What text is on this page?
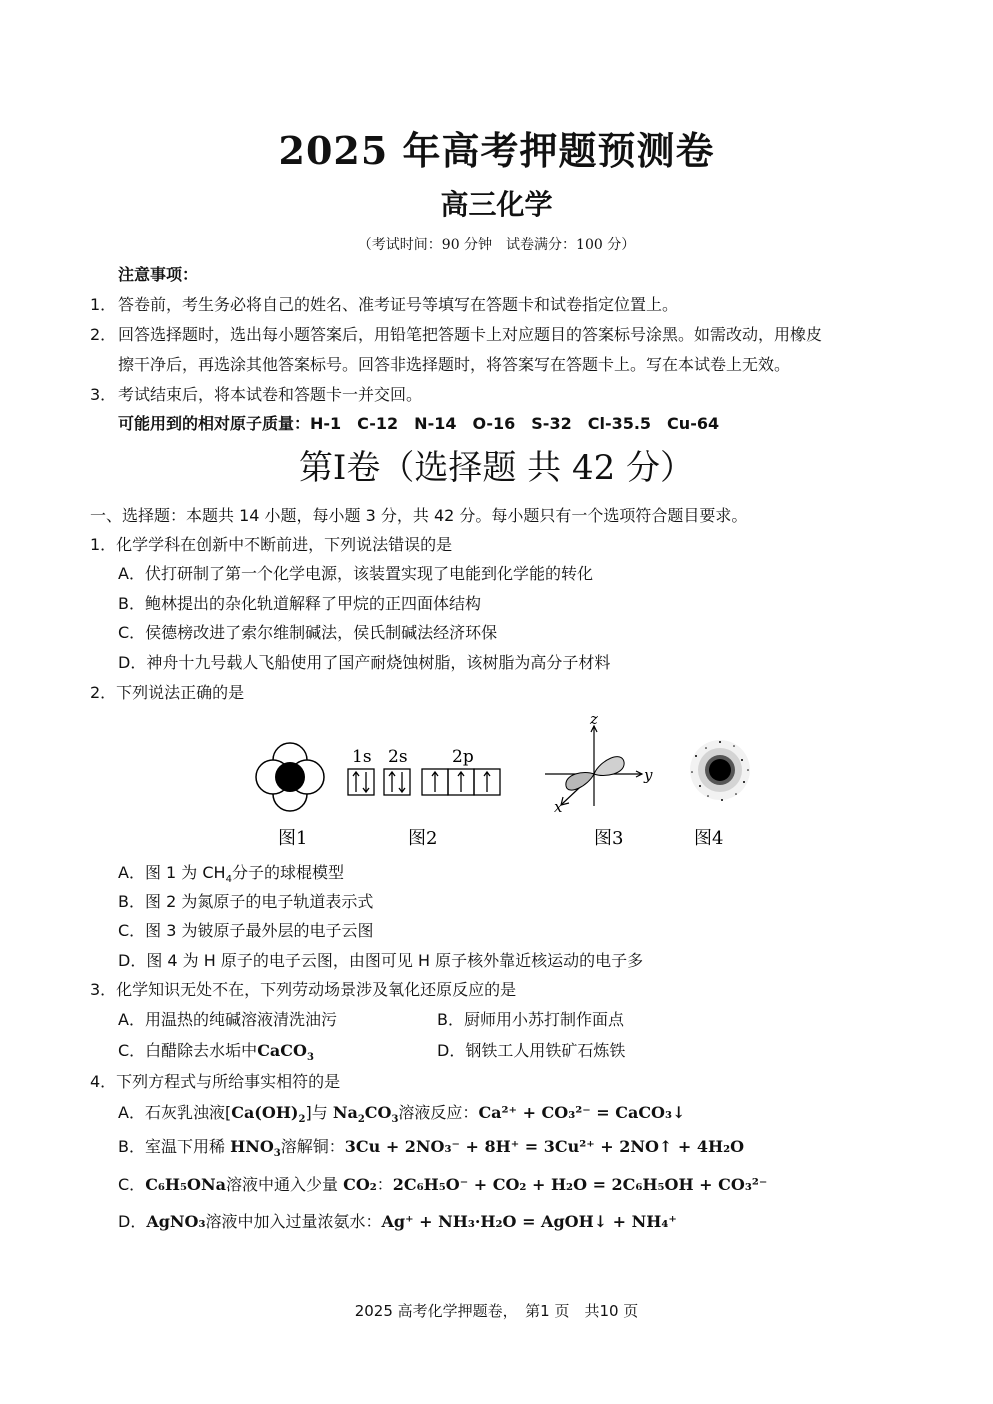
2025 年高考押题预测卷
高三化学
（考试时间：90 分钟　试卷满分：100 分）
注意事项：
1． 答卷前，考生务必将自己的姓名、准考证号等填写在答题卡和试卷指定位置上。
2． 回答选择题时，选出每小题答案后，用铅笔把答题卡上对应题目的答案标号涂黑。如需改动，用橡皮
擦干净后，再选涂其他答案标号。回答非选择题时，将答案写在答题卡上。写在本试卷上无效。
3． 考试结束后，将本试卷和答题卡一并交回。
可能用到的相对原子质量：H-1　C-12　N-14　O-16　S-32　Cl-35.5　Cu-64
第I卷（选择题 共 42 分）
一、选择题：本题共 14 小题，每小题 3 分，共 42 分。每小题只有一个选项符合题目要求。
1．化学学科在创新中不断前进，下列说法错误的是
A．伏打研制了第一个化学电源，该装置实现了电能到化学能的转化
B．鲍林提出的杂化轨道解释了甲烷的正四面体结构
C．侯德榜改进了索尔维制碱法，侯氏制碱法经济环保
D．神舟十九号载人飞船使用了国产耐烧蚀树脂，该树脂为高分子材料
2．下列说法正确的是
1s 2s	2p
z
y
x
图1	图2	图3	图4
A．图 1 为 $CH_4$分子的球棍模型
B．图 2 为氮原子的电子轨道表示式
C．图 3 为铍原子最外层的电子云图
D．图 4 为 H 原子的电子云图，由图可见 H 原子核外靠近核运动的电子多
3．化学知识无处不在，下列劳动场景涉及氧化还原反应的是
A．用温热的纯碱溶液清洗油污	B．厨师用小苏打制作面点
C．白醋除去水垢中CaCO$_3$	D．钢铁工人用铁矿石炼铁
4．下列方程式与所给事实相符的是
A．石灰乳浊液$[Ca(OH)_2]$与 $Na_2CO_3$溶液反应：Ca²⁺ + CO₃²⁻ = CaCO₃↓
B．室温下用稀 $HNO_3$溶解铜：3Cu + 2NO₃⁻ + 8H⁺ = 3Cu²⁺ + 2NO↑ + 4H₂O
C．C₆H₅ONa溶液中通入少量 CO₂：2C₆H₅O⁻ + CO₂ + H₂O = 2C₆H₅OH + CO₃²⁻
D．AgNO₃溶液中加入过量浓氨水：Ag⁺ + NH₃·H₂O = AgOH↓ + NH₄⁺
2025 高考化学押题卷，　第1 页　共10 页
